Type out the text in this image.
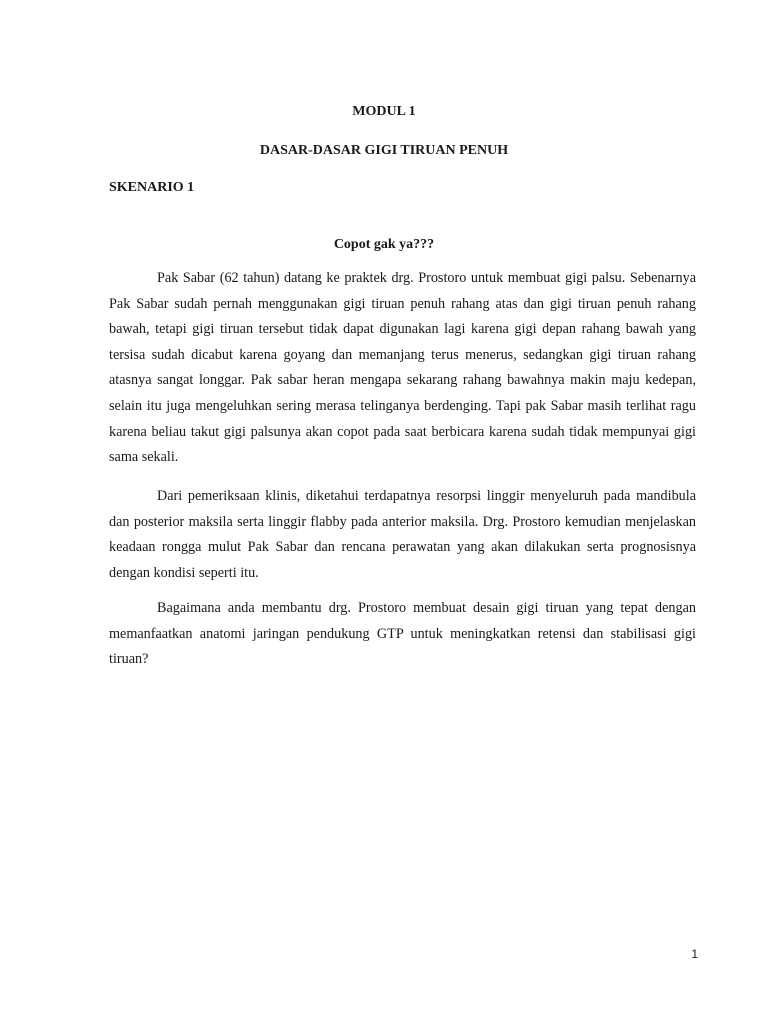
MODUL 1
DASAR-DASAR GIGI TIRUAN PENUH
SKENARIO 1
Copot gak ya???

Pak Sabar (62 tahun) datang ke praktek drg. Prostoro untuk membuat gigi palsu. Sebenarnya Pak Sabar sudah pernah menggunakan gigi tiruan penuh rahang atas dan gigi tiruan penuh rahang bawah, tetapi gigi tiruan tersebut tidak dapat digunakan lagi karena gigi depan rahang bawah yang tersisa sudah dicabut karena goyang dan memanjang terus menerus, sedangkan gigi tiruan rahang atasnya sangat longgar. Pak sabar heran mengapa sekarang rahang bawahnya makin maju kedepan, selain itu juga mengeluhkan sering merasa telinganya berdenging. Tapi pak Sabar masih terlihat ragu karena beliau takut gigi palsunya akan copot pada saat berbicara karena sudah tidak mempunyai gigi sama sekali.

Dari pemeriksaan klinis, diketahui terdapatnya resorpsi linggir menyeluruh pada mandibula dan posterior maksila serta linggir flabby pada anterior maksila. Drg. Prostoro kemudian menjelaskan keadaan rongga mulut Pak Sabar dan rencana perawatan yang akan dilakukan serta prognosisnya dengan kondisi seperti itu.

Bagaimana anda membantu drg. Prostoro membuat desain gigi tiruan yang tepat dengan memanfaatkan anatomi jaringan pendukung GTP untuk meningkatkan retensi dan stabilisasi gigi tiruan?

1
